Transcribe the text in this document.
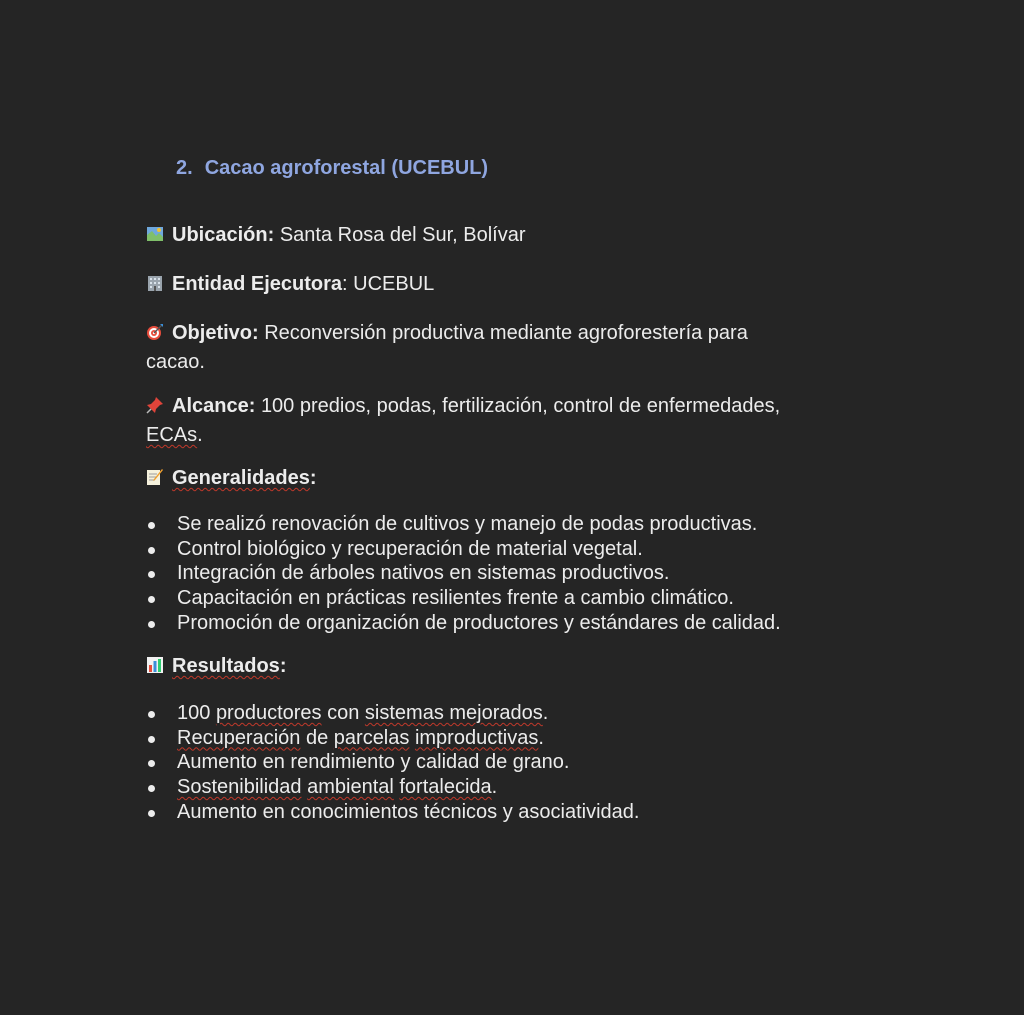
2. Cacao agroforestal (UCEBUL)
Ubicación: Santa Rosa del Sur, Bolívar
Entidad Ejecutora: UCEBUL
Objetivo: Reconversión productiva mediante agroforestería para
cacao.
Alcance: 100 predios, podas, fertilización, control de enfermedades,
ECAs.
Generalidades:
Se realizó renovación de cultivos y manejo de podas productivas.
Control biológico y recuperación de material vegetal.
Integración de árboles nativos en sistemas productivos.
Capacitación en prácticas resilientes frente a cambio climático.
Promoción de organización de productores y estándares de calidad.
Resultados:
100 productores con sistemas mejorados.
Recuperación de parcelas improductivas.
Aumento en rendimiento y calidad de grano.
Sostenibilidad ambiental fortalecida.
Aumento en conocimientos técnicos y asociatividad.
